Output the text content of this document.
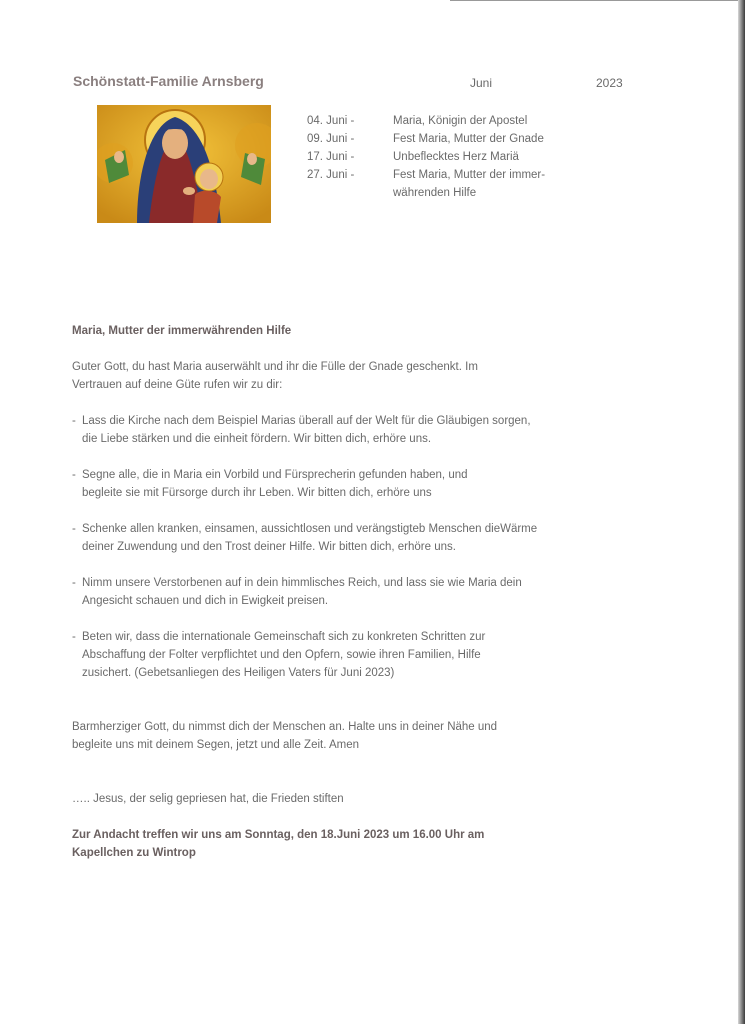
Schönstatt-Familie Arnsberg	Juni	2023
04. Juni -	Maria, Königin der Apostel
09. Juni -	Fest Maria, Mutter der Gnade
17. Juni -	Unbeflecktes Herz Mariä
27. Juni -	Fest Maria, Mutter der immer-währenden Hilfe

Maria, Mutter der immerwährenden Hilfe

Guter Gott, du hast Maria auserwählt und ihr die Fülle der Gnade geschenkt. Im Vertrauen auf deine Güte rufen wir zu dir:

- Lass die Kirche nach dem Beispiel Marias überall auf der Welt für die Gläubigen sorgen, die Liebe stärken und die einheit fördern. Wir bitten dich, erhöre uns.

- Segne alle, die in Maria ein Vorbild und Fürsprecherin gefunden haben, und begleite sie mit Fürsorge durch ihr Leben. Wir bitten dich, erhöre uns

- Schenke allen kranken, einsamen, aussichtlosen und verängstigteb Menschen dieWärme deiner Zuwendung und den Trost deiner Hilfe. Wir bitten dich, erhöre uns.

- Nimm unsere Verstorbenen auf in dein himmlisches Reich, und lass sie wie Maria dein Angesicht schauen und dich in Ewigkeit preisen.

- Beten wir, dass die internationale Gemeinschaft sich zu konkreten Schritten zur Abschaffung der Folter verpflichtet und den Opfern, sowie ihren Familien, Hilfe zusichert. (Gebetsanliegen des Heiligen Vaters für Juni 2023)

Barmherziger Gott, du nimmst dich der Menschen an. Halte uns in deiner Nähe und begleite uns mit deinem Segen, jetzt und alle Zeit. Amen

….. Jesus, der selig gepriesen hat, die Frieden stiften

Zur Andacht treffen wir uns am Sonntag, den 18.Juni 2023 um 16.00 Uhr am Kapellchen zu Wintrop
